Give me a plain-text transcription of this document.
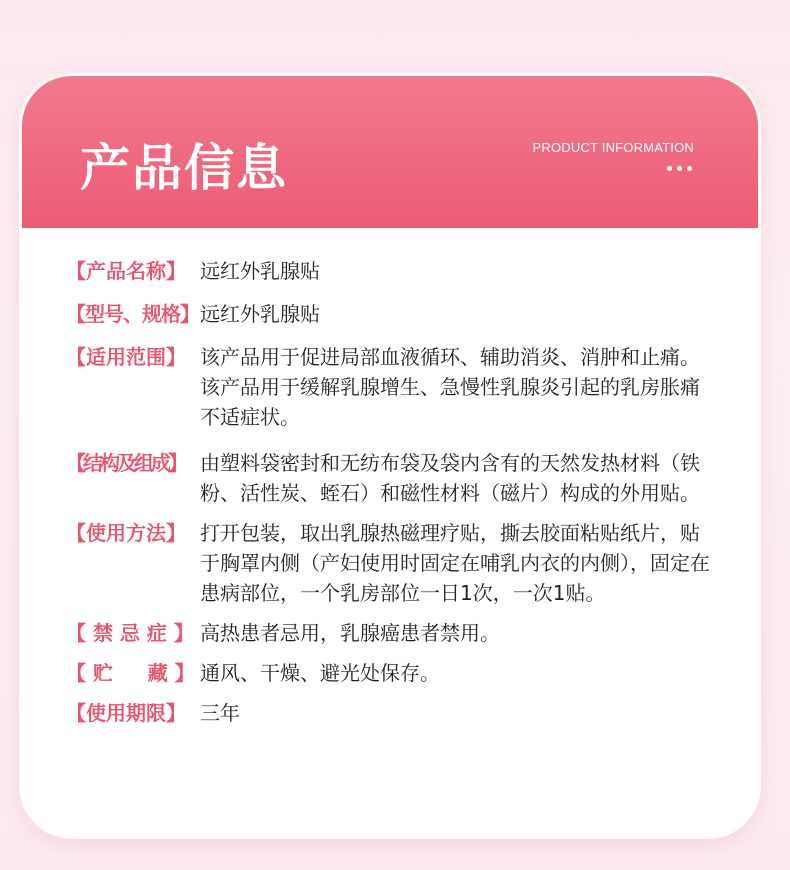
产品信息	PRODUCT INFORMATION
【产品名称】 远红外乳腺贴
【型号、规格】 远红外乳腺贴
【适用范围】 该产品用于促进局部血液循环、辅助消炎、消肿和止痛。该产品用于缓解乳腺增生、急慢性乳腺炎引起的乳房胀痛不适症状。
【结构及组成】 由塑料袋密封和无纺布袋及袋内含有的天然发热材料（铁粉、活性炭、蛭石）和磁性材料（磁片）构成的外用贴。
【使用方法】 打开包装，取出乳腺热磁理疗贴，撕去胶面粘贴纸片，贴于胸罩内侧（产妇使用时固定在哺乳内衣的内侧），固定在患病部位，一个乳房部位一日1次，一次1贴。
【 禁 忌 症 】 高热患者忌用，乳腺癌患者禁用。
【 贮     藏 】 通风、干燥、避光处保存。
【使用期限】 三年
